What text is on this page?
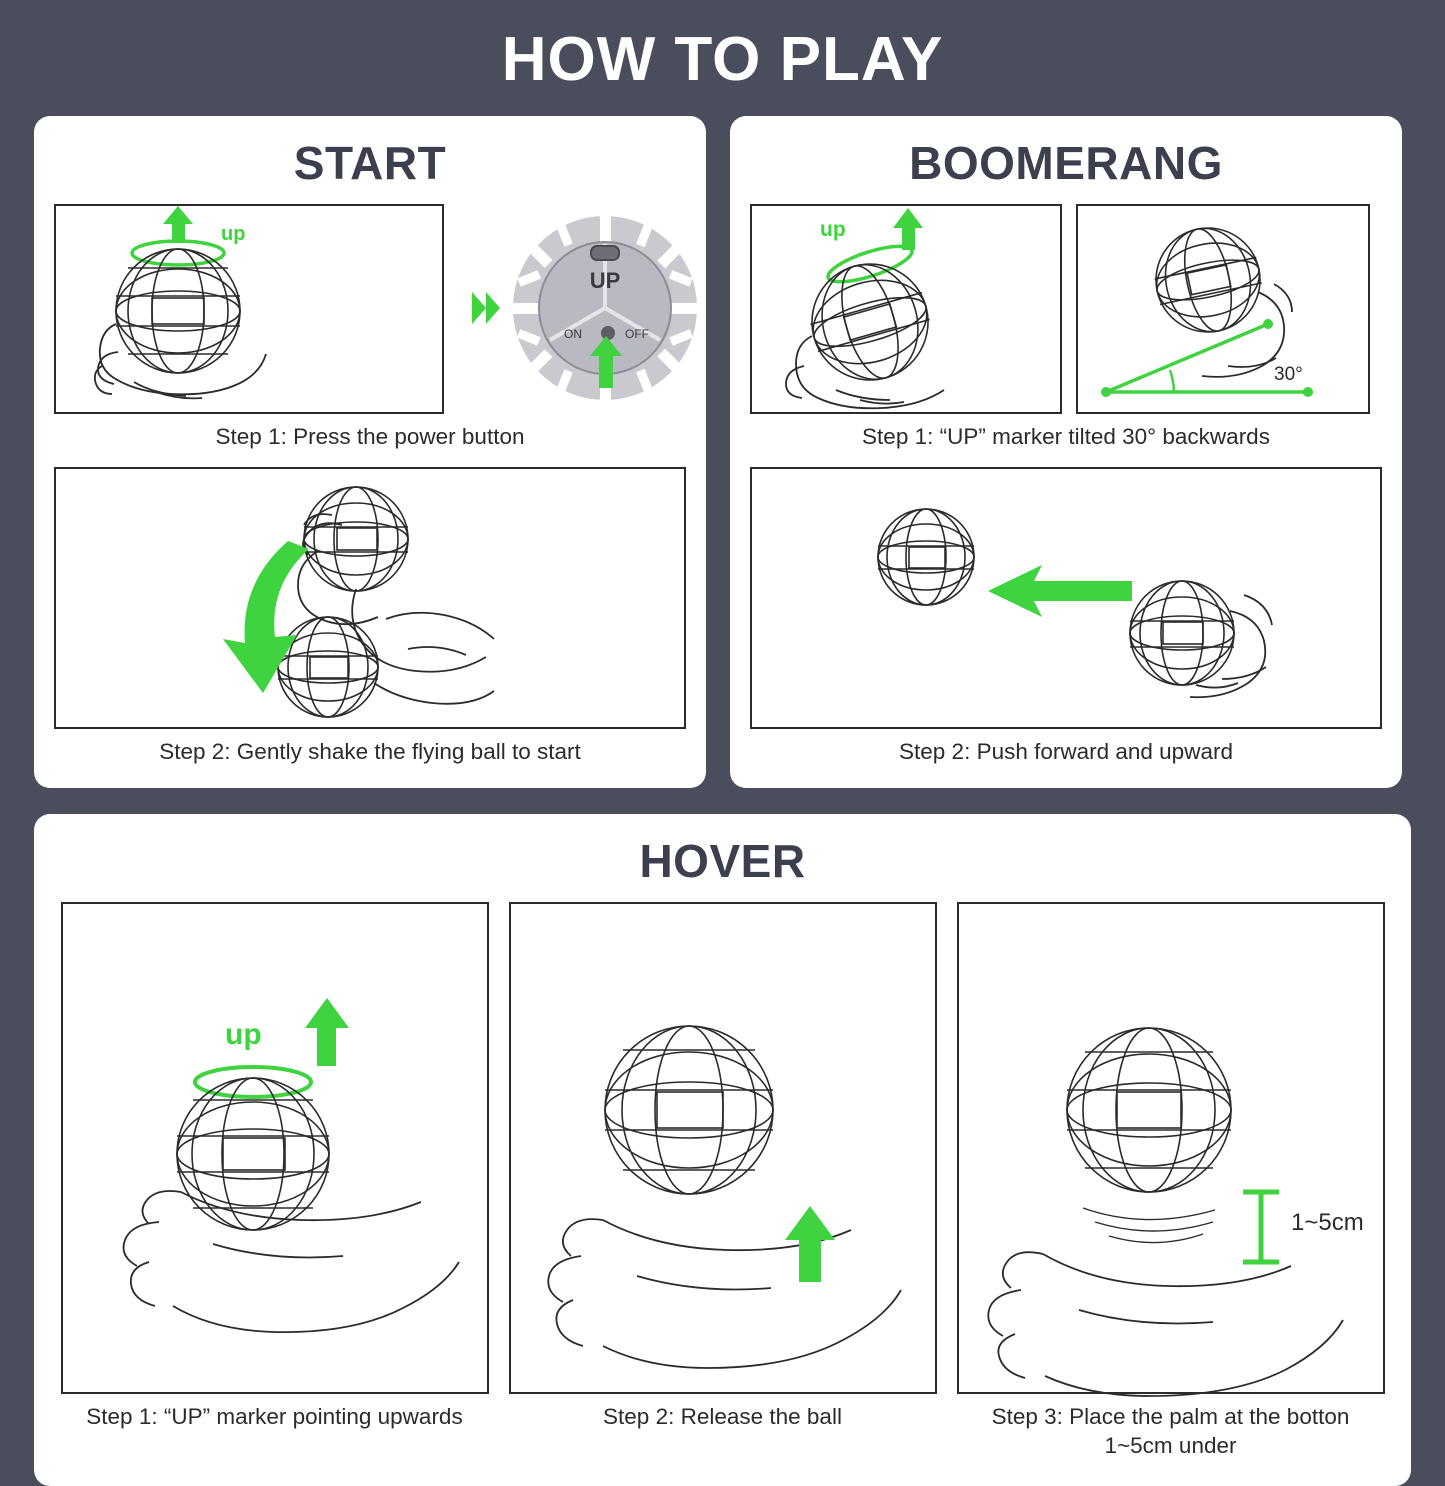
HOW TO PLAY
START
up
UP
ON	OFF

Step 1: Press the power button

Step 2: Gently shake the flying ball to start

BOOMERANG
up
30°

Step 1: “UP” marker tilted 30° backwards

Step 2: Push forward and upward

HOVER
up

Step 1: “UP” marker pointing upwards	Step 2: Release the ball

1~5cm

Step 3: Place the palm at the botton
1~5cm under
